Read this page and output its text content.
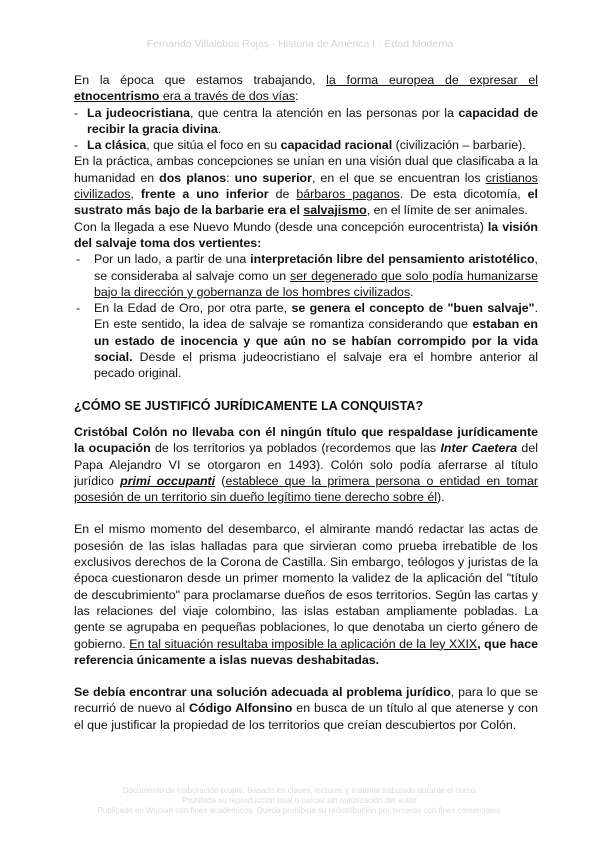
Fernando Villalobos Rojas · Historia de América I · Edad Moderna

En la época que estamos trabajando, la forma europea de expresar el etnocentrismo era a través de dos vías:

- La judeocristiana, que centra la atención en las personas por la capacidad de recibir la gracia divina.
- La clásica, que sitúa el foco en su capacidad racional (civilización – barbarie).

En la práctica, ambas concepciones se unían en una visión dual que clasificaba a la humanidad en dos planos: uno superior, en el que se encuentran los cristianos civilizados, frente a uno inferior de bárbaros paganos. De esta dicotomía, el sustrato más bajo de la barbarie era el salvajismo, en el límite de ser animales.

Con la llegada a ese Nuevo Mundo (desde una concepción eurocentrista) la visión del salvaje toma dos vertientes:

- Por un lado, a partir de una interpretación libre del pensamiento aristotélico, se consideraba al salvaje como un ser degenerado que solo podía humanizarse bajo la dirección y gobernanza de los hombres civilizados.
- En la Edad de Oro, por otra parte, se genera el concepto de "buen salvaje". En este sentido, la idea de salvaje se romantiza considerando que estaban en un estado de inocencia y que aún no se habían corrompido por la vida social. Desde el prisma judeocristiano el salvaje era el hombre anterior al pecado original.
¿CÓMO SE JUSTIFICÓ JURÍDICAMENTE LA CONQUISTA?

Cristóbal Colón no llevaba con él ningún título que respaldase jurídicamente la ocupación de los territorios ya poblados (recordemos que las Inter Caetera del Papa Alejandro VI se otorgaron en 1493). Colón solo podía aferrarse al título jurídico primi occupanti (establece que la primera persona o entidad en tomar posesión de un territorio sin dueño legítimo tiene derecho sobre él).

En el mismo momento del desembarco, el almirante mandó redactar las actas de posesión de las islas halladas para que sirvieran como prueba irrebatible de los exclusivos derechos de la Corona de Castilla. Sin embargo, teólogos y juristas de la época cuestionaron desde un primer momento la validez de la aplicación del "título de descubrimiento" para proclamarse dueños de esos territorios. Según las cartas y las relaciones del viaje colombino, las islas estaban ampliamente pobladas. La gente se agrupaba en pequeñas poblaciones, lo que denotaba un cierto género de gobierno. En tal situación resultaba imposible la aplicación de la ley XXIX, que hace referencia únicamente a islas nuevas deshabitadas.

Se debía encontrar una solución adecuada al problema jurídico, para lo que se recurrió de nuevo al Código Alfonsino en busca de un título al que atenerse y con el que justificar la propiedad de los territorios que creían descubiertos por Colón.

Documento de elaboración propia. Basado en clases, lecturas y material trabajado durante el curso.
Prohibida su reproducción total o parcial sin autorización del autor.
Publicado en Wuolah con fines académicos. Queda prohibida su redistribución por terceros con fines comerciales.
